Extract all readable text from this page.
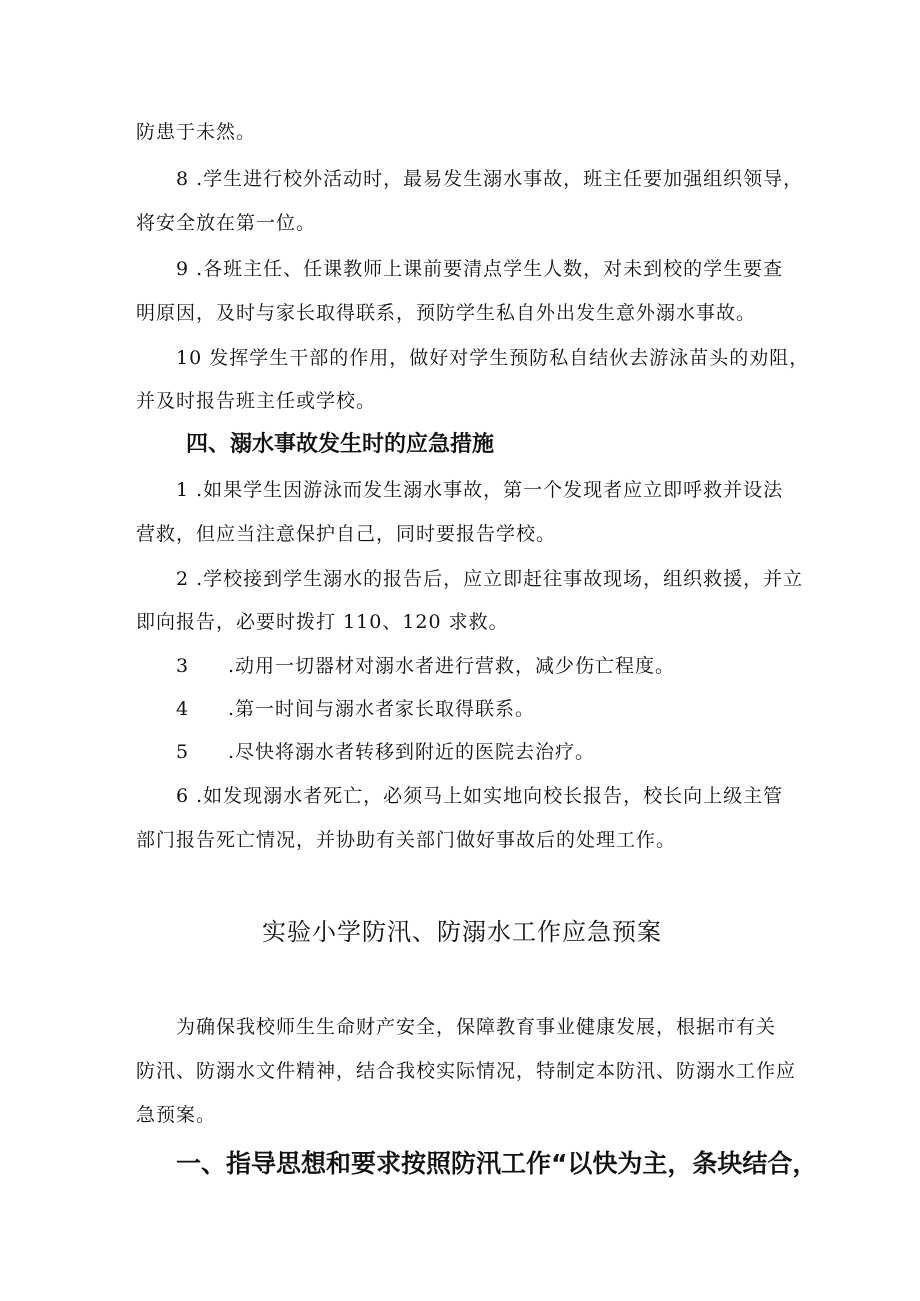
防患于未然。
8 .学生进行校外活动时，最易发生溺水事故，班主任要加强组织领导，
将安全放在第一位。
9 .各班主任、任课教师上课前要清点学生人数，对未到校的学生要查
明原因，及时与家长取得联系，预防学生私自外出发生意外溺水事故。
10 发挥学生干部的作用，做好对学生预防私自结伙去游泳苗头的劝阻，
并及时报告班主任或学校。
四、溺水事故发生时的应急措施
1 .如果学生因游泳而发生溺水事故，第一个发现者应立即呼救并设法
营救，但应当注意保护自己，同时要报告学校。
2 .学校接到学生溺水的报告后，应立即赶往事故现场，组织救援，并立
即向报告，必要时拨打 110、120 求救。
3 .动用一切器材对溺水者进行营救，减少伤亡程度。
4 .第一时间与溺水者家长取得联系。
5 .尽快将溺水者转移到附近的医院去治疗。
6 .如发现溺水者死亡，必须马上如实地向校长报告，校长向上级主管
部门报告死亡情况，并协助有关部门做好事故后的处理工作。
实验小学防汛、防溺水工作应急预案
为确保我校师生生命财产安全，保障教育事业健康发展，根据市有关
防汛、防溺水文件精神，结合我校实际情况，特制定本防汛、防溺水工作应
急预案。
一、指导思想和要求按照防汛工作“以快为主，条块结合，
